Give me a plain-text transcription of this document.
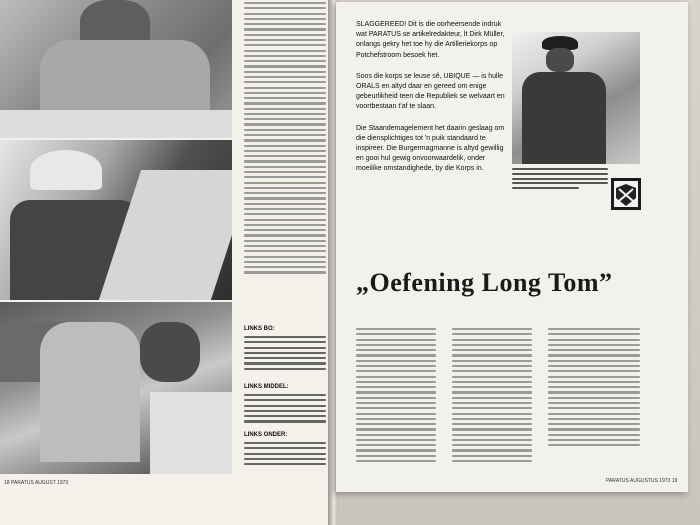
LINKS BO:
LINKS MIDDEL:
LINKS ONDER:
18 PARATUS AUGUST 1973

SLAGGEREED! Dit is die oorheersende indruk wat PARATUS se artikelredakteur, lt Dirk Müller, onlangs gekry het toe hy die Artilleriekorps op Potchefstroom besoek het.

Soos die korps se leuse sê, UBIQUE — is hulle ORALS en altyd daar en gereed om enige gebeurlikheid teen die Republiek se welvaart en voortbestaan t'af te slaan.

Die Staandemagelement het daarin geslaag om die diensplichtiges tot 'n puik standaard te inspireer. Die Burgermagmanne is altyd gewillig en gooi hul gewig onvoorwaardelik, onder moeilike omstandighede, by die Korps in.

„Oefening Long Tom”
PARATUS AUGUSTUS 1973 19
